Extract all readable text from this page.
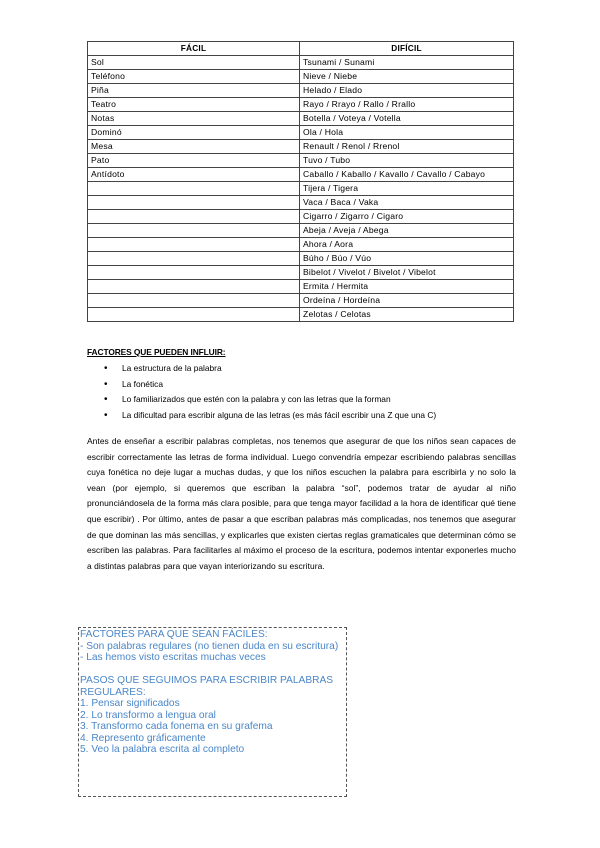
FÁCIL	DIFÍCIL
Sol	Tsunami / Sunami
Teléfono	Nieve / Niebe
Piña	Helado / Elado
Teatro	Rayo / Rrayo / Rallo / Rrallo
Notas	Botella / Voteya / Votella
Dominó	Ola / Hola
Mesa	Renault / Renol / Rrenol
Pato	Tuvo / Tubo
Antídoto	Caballo / Kaballo / Kavallo / Cavallo / Cabayo
	Tijera / Tigera
	Vaca / Baca / Vaka
	Cigarro / Zigarro / Cigaro
	Abeja / Aveja / Abega
	Ahora / Aora
	Búho / Búo / Vúo
	Bibelot / Vivelot / Bivelot / Vibelot
	Ermita / Hermita
	Ordeína / Hordeína
	Zelotas / Celotas
FACTORES QUE PUEDEN INFLUIR:
• La estructura de la palabra
• La fonética
• Lo familiarizados que estén con la palabra y con las letras que la forman
• La dificultad para escribir alguna de las letras (es más fácil escribir una Z que una C)

Antes de enseñar a escribir palabras completas, nos tenemos que asegurar de que los niños sean capaces de escribir correctamente las letras de forma individual. Luego convendría empezar escribiendo palabras sencillas cuya fonética no deje lugar a muchas dudas, y que los niños escuchen la palabra para escribirla y no solo la vean (por ejemplo, si queremos que escriban la palabra “sol”, podemos tratar de ayudar al niño pronunciándosela de la forma más clara posible, para que tenga mayor facilidad a la hora de identificar qué tiene que escribir) . Por último, antes de pasar a que escriban palabras más complicadas, nos tenemos que asegurar de que dominan las más sencillas, y explicarles que existen ciertas reglas gramaticales que determinan cómo se escriben las palabras. Para facilitarles al máximo el proceso de la escritura, podemos intentar exponerles mucho a distintas palabras para que vayan interiorizando su escritura.

FACTORES PARA QUE SEAN FÁCILES:
- Son palabras regulares (no tienen duda en su escritura)
- Las hemos visto escritas muchas veces
PASOS QUE SEGUIMOS PARA ESCRIBIR PALABRAS REGULARES:
1. Pensar significados
2. Lo transformo a lengua oral
3. Transformo cada fonema en su grafema
4. Represento gráficamente
5. Veo la palabra escrita al completo
